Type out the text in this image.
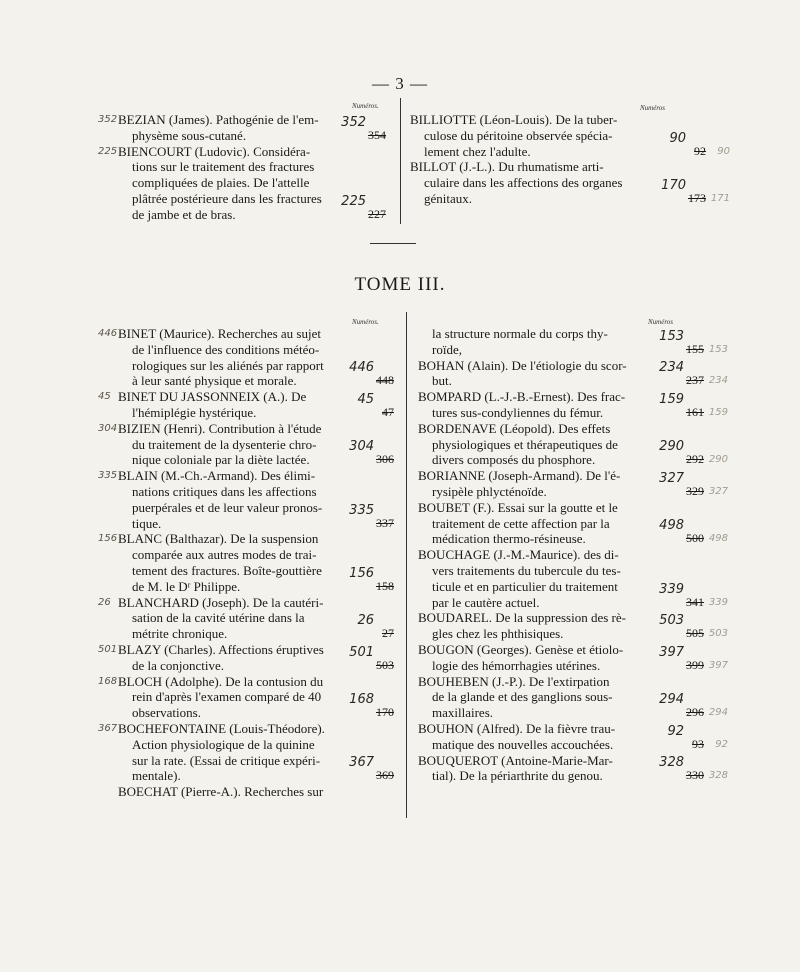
— 3 —
Numéros.	Numéros
352 BEZIAN (James). Pathogénie de l'em-
physème sous-cutané.
352
354
225 BIENCOURT (Ludovic). Considéra-
tions sur le traitement des fractures
compliquées de plaies. De l'attelle
plâtrée postérieure dans les fractures
de jambe et de bras.
225
227
BILLIOTTE (Léon-Louis). De la tuber-
culose du péritoine observée spécia-
lement chez l'adulte.
90
92 90
BILLOT (J.-L.). Du rhumatisme arti-
culaire dans les affections des organes
génitaux.
170
173 171
TOME III.
Numéros.	Numéros
446 BINET (Maurice). Recherches au sujet
de l'influence des conditions météo-
rologiques sur les aliénés par rapport
à leur santé physique et morale.
446
448
45 BINET DU JASSONNEIX (A.). De
l'hémiplégie hystérique.
45
47
304 BIZIEN (Henri). Contribution à l'étude
du traitement de la dysenterie chro-
nique coloniale par la diète lactée.
304
306
335 BLAIN (M.-Ch.-Armand). Des élimi-
nations critiques dans les affections
puerpérales et de leur valeur pronos-
tique.
335
337
156 BLANC (Balthazar). De la suspension
comparée aux autres modes de trai-
tement des fractures. Boîte-gouttière
de M. le Dʳ Philippe.
156
158
26 BLANCHARD (Joseph). De la cautéri-
sation de la cavité utérine dans la
métrite chronique.
26
27
501 BLAZY (Charles). Affections éruptives
de la conjonctive.
501
503
168 BLOCH (Adolphe). De la contusion du
rein d'après l'examen comparé de 40
observations.
168
170
367 BOCHEFONTAINE (Louis-Théodore).
Action physiologique de la quinine
sur la rate. (Essai de critique expéri-
mentale).
367
369
BOECHAT (Pierre-A.). Recherches sur
la structure normale du corps thy-
roïde,
153
155 153
BOHAN (Alain). De l'étiologie du scor-
but.
234
237 234
BOMPARD (L.-J.-B.-Ernest). Des frac-
tures sus-condyliennes du fémur.
159
161 159
BORDENAVE (Léopold). Des effets
physiologiques et thérapeutiques de
divers composés du phosphore.
290
292 290
BORIANNE (Joseph-Armand). De l'é-
rysipèle phlycténoïde.
327
329 327
BOUBET (F.). Essai sur la goutte et le
traitement de cette affection par la
médication thermo-résineuse.
498
500 498
BOUCHAGE (J.-M.-Maurice). des di-
vers traitements du tubercule du tes-
ticule et en particulier du traitement
par le cautère actuel.
339
341 339
BOUDAREL. De la suppression des rè-
gles chez les phthisiques.
503
505 503
BOUGON (Georges). Genèse et étiolo-
logie des hémorrhagies utérines.
397
399 397
BOUHEBEN (J.-P.). De l'extirpation
de la glande et des ganglions sous-
maxillaires.
294
296 294
BOUHON (Alfred). De la fièvre trau-
matique des nouvelles accouchées.
92
93 92
BOUQUEROT (Antoine-Marie-Mar-
tial). De la périarthrite du genou.
328
330 328
